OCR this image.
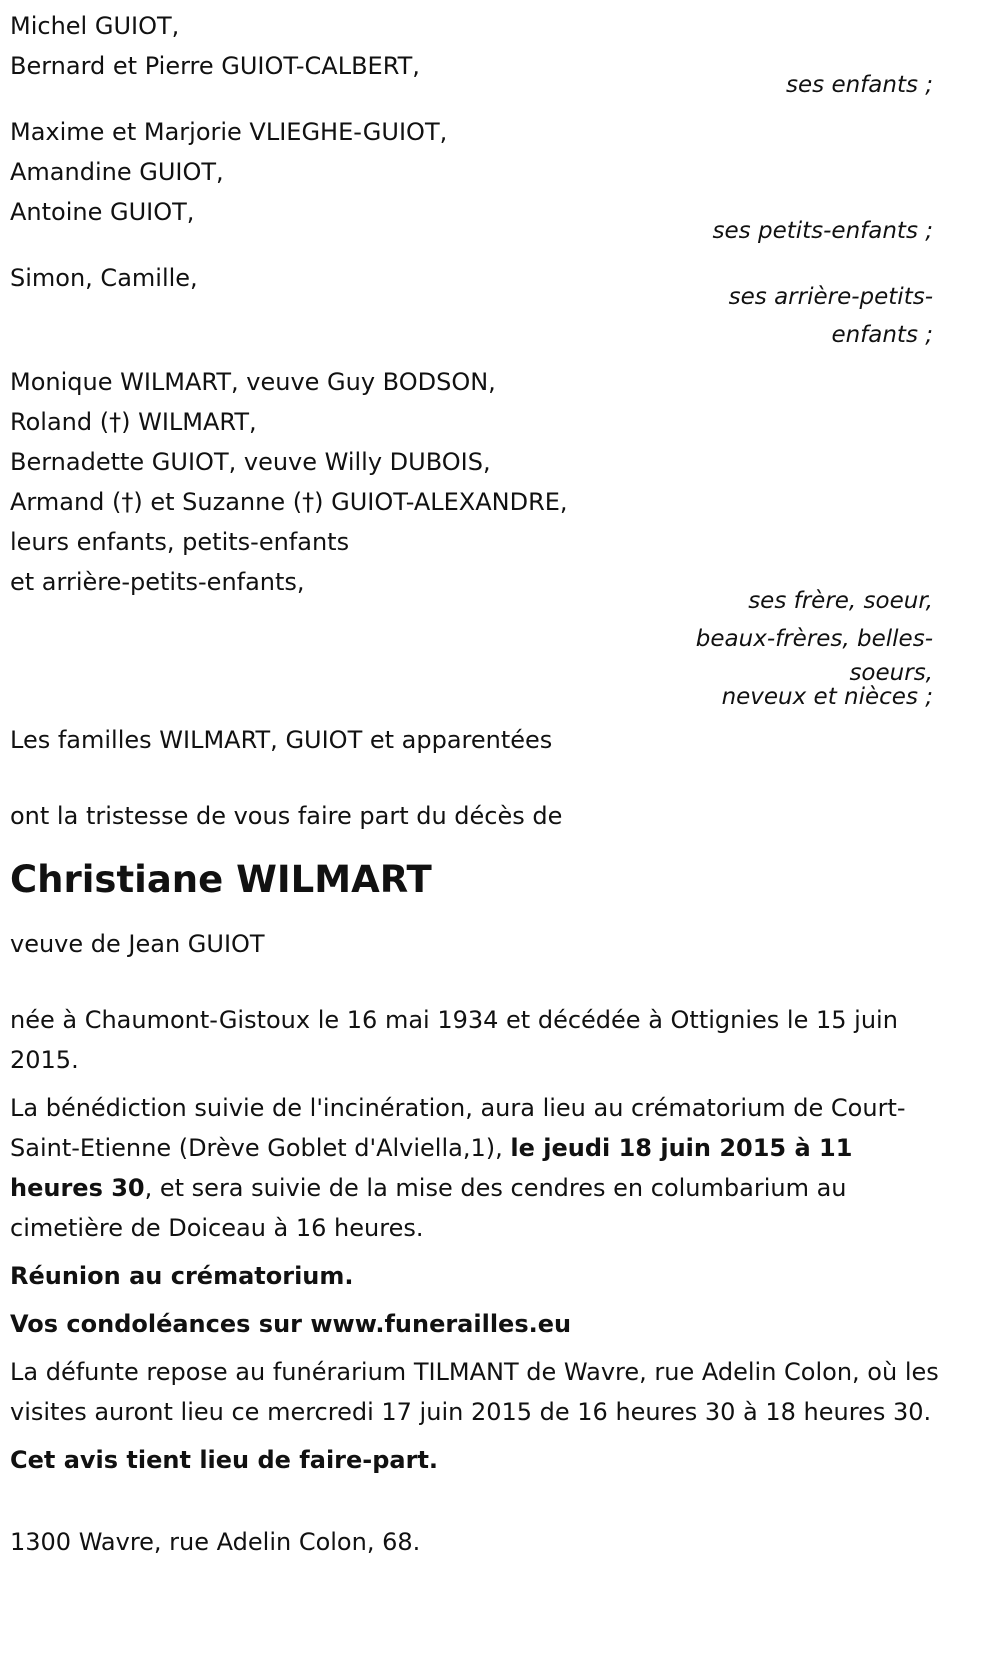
Michel GUIOT,
Bernard et Pierre GUIOT-CALBERT,
ses enfants ;
Maxime et Marjorie VLIEGHE-GUIOT,
Amandine GUIOT,
Antoine GUIOT,
ses petits-enfants ;
Simon, Camille,
ses arrière-petits-
enfants ;
Monique WILMART, veuve Guy BODSON,
Roland (†) WILMART,
Bernadette GUIOT, veuve Willy DUBOIS,
Armand (†) et Suzanne (†) GUIOT-ALEXANDRE,
leurs enfants, petits-enfants
et arrière-petits-enfants,
ses frère, soeur,
beaux-frères, belles-
soeurs,
neveux et nièces ;
Les familles WILMART, GUIOT et apparentées
ont la tristesse de vous faire part du décès de
Christiane WILMART
veuve de Jean GUIOT

née à Chaumont-Gistoux le 16 mai 1934 et décédée à Ottignies le 15 juin 2015.

La bénédiction suivie de l'incinération, aura lieu au crématorium de Court-Saint-Etienne (Drève Goblet d'Alviella,1), le jeudi 18 juin 2015 à 11 heures 30, et sera suivie de la mise des cendres en columbarium au cimetière de Doiceau à 16 heures.

Réunion au crématorium.
Vos condoléances sur www.funerailles.eu

La défunte repose au funérarium TILMANT de Wavre, rue Adelin Colon, où les visites auront lieu ce mercredi 17 juin 2015 de 16 heures 30 à 18 heures 30.

Cet avis tient lieu de faire-part.
1300 Wavre, rue Adelin Colon, 68.
